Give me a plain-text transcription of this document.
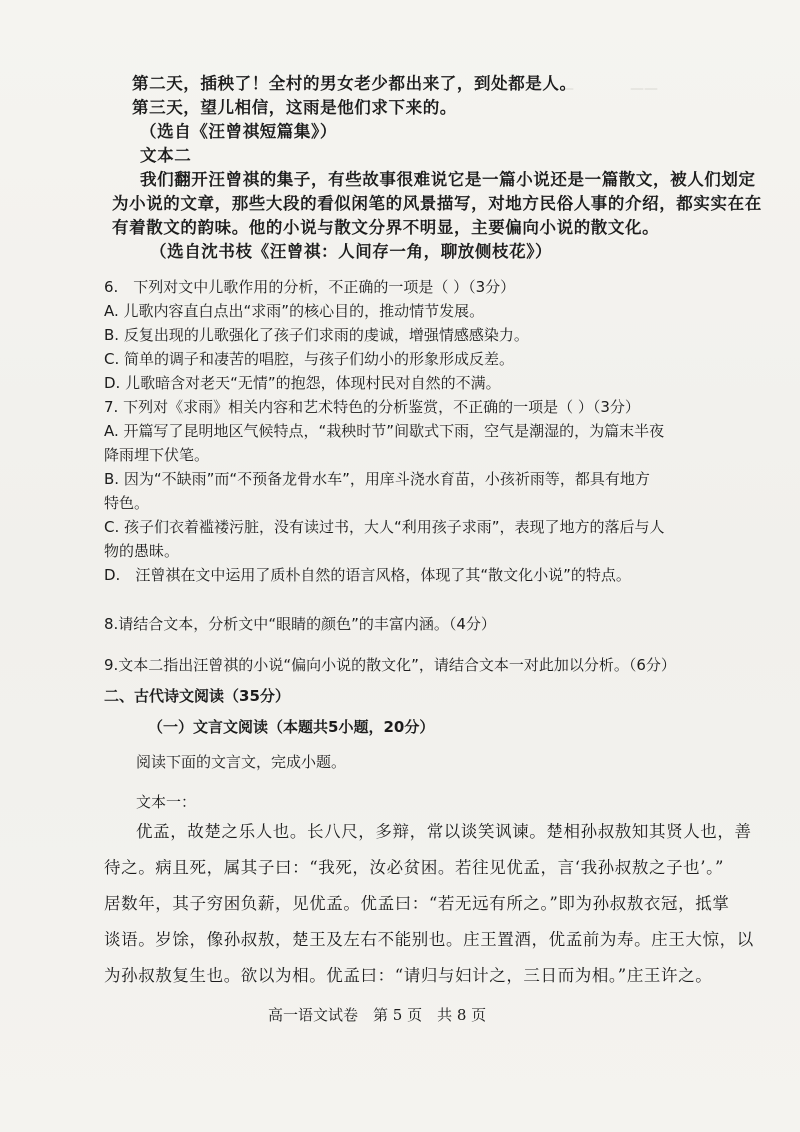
—　　　　——

第二天，插秧了！全村的男女老少都出来了，到处都是人。
第三天，望儿相信，这雨是他们求下来的。
（选自《汪曾祺短篇集》）
文本二
我们翻开汪曾祺的集子，有些故事很难说它是一篇小说还是一篇散文，被人们划定
为小说的文章，那些大段的看似闲笔的风景描写，对地方民俗人事的介绍，都实实在在
有着散文的韵味。他的小说与散文分界不明显，主要偏向小说的散文化。
（选自沈书枝《汪曾祺：人间存一角，聊放侧枝花》）
6.　下列对文中儿歌作用的分析，不正确的一项是（ ）（3分）
A. 儿歌内容直白点出“求雨”的核心目的，推动情节发展。
B. 反复出现的儿歌强化了孩子们求雨的虔诚，增强情感感染力。
C. 简单的调子和凄苦的唱腔，与孩子们幼小的形象形成反差。
D. 儿歌暗含对老天“无情”的抱怨，体现村民对自然的不满。
7. 下列对《求雨》相关内容和艺术特色的分析鉴赏，不正确的一项是（ ）（3分）
A. 开篇写了昆明地区气候特点，“栽秧时节”间歇式下雨，空气是潮湿的，为篇末半夜
降雨埋下伏笔。
B. 因为“不缺雨”而“不预备龙骨水车”，用庠斗浇水育苗，小孩祈雨等，都具有地方
特色。
C. 孩子们衣着褴褛污脏，没有读过书，大人“利用孩子求雨”，表现了地方的落后与人
物的愚昧。
D.　汪曾祺在文中运用了质朴自然的语言风格，体现了其“散文化小说”的特点。
8.请结合文本，分析文中“眼睛的颜色”的丰富内涵。（4分）
9.文本二指出汪曾祺的小说“偏向小说的散文化”，请结合文本一对此加以分析。（6分）
二、古代诗文阅读（35分）
（一）文言文阅读（本题共5小题，20分）
阅读下面的文言文，完成小题。
文本一：
优孟，故楚之乐人也。长八尺，多辩，常以谈笑讽谏。楚相孙叔敖知其贤人也，善
待之。病且死，属其子曰：“我死，汝必贫困。若往见优孟，言‘我孙叔敖之子也’。”
居数年，其子穷困负薪，见优孟。优孟曰：“若无远有所之。”即为孙叔敖衣冠，抵掌
谈语。岁馀，像孙叔敖，楚王及左右不能别也。庄王置酒，优孟前为寿。庄王大惊，以
为孙叔敖复生也。欲以为相。优孟曰：“请归与妇计之，三日而为相。”庄王许之。
高一语文试卷　第 5 页　共 8 页
